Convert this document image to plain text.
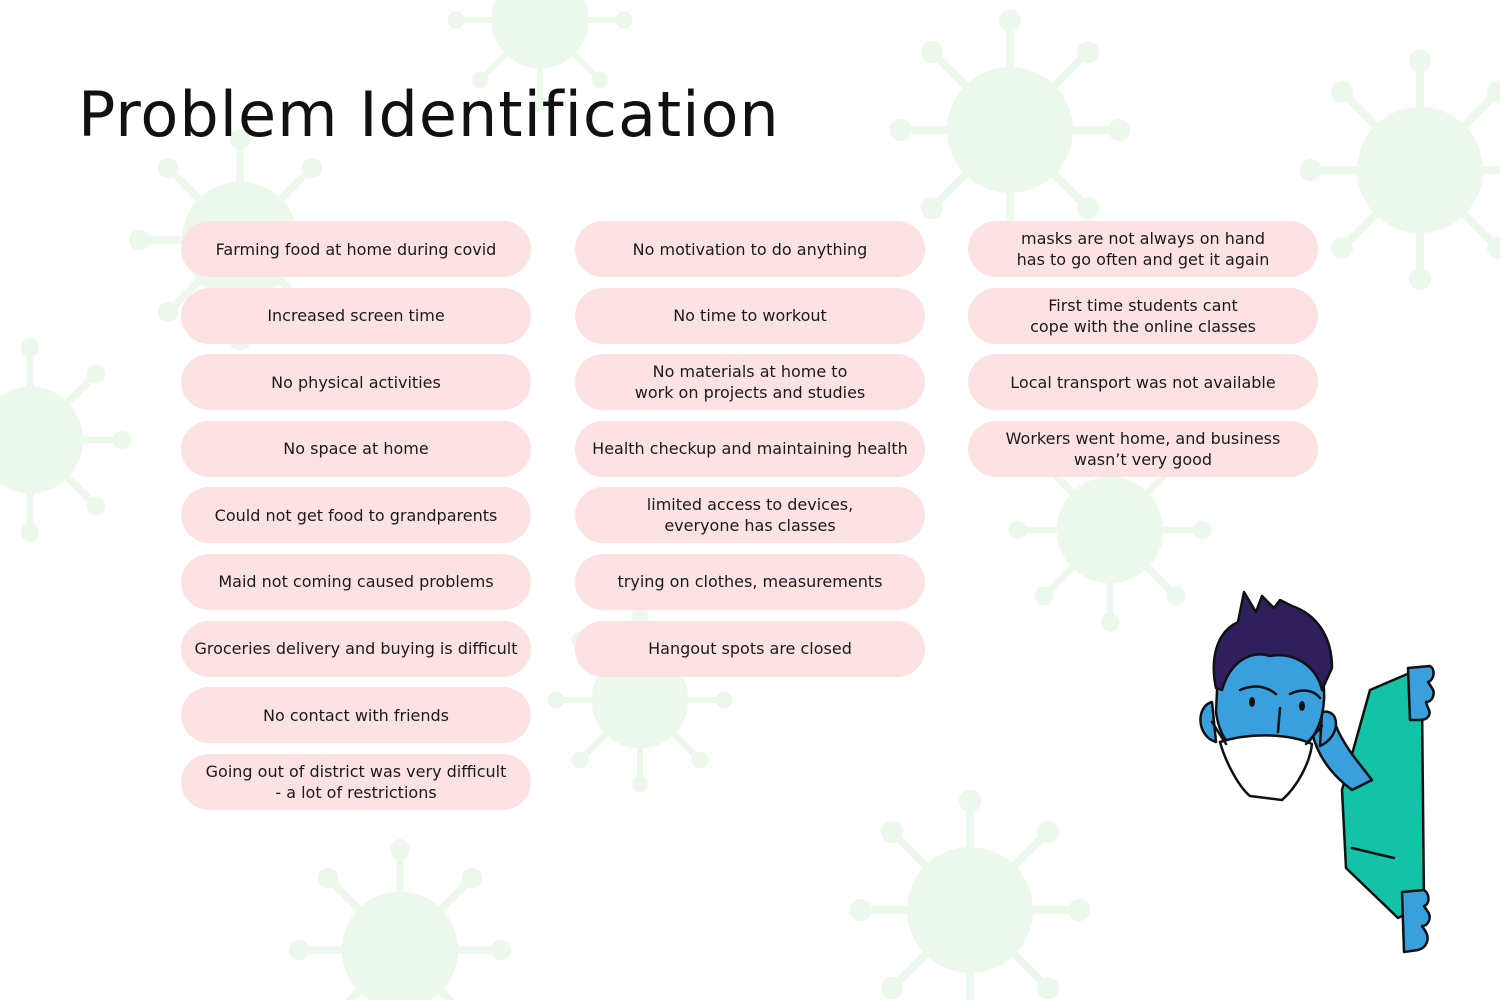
Problem Identification
Farming food at home during covid
Increased screen time
No physical activities
No space at home
Could not get food to grandparents
Maid not coming caused problems
Groceries delivery and buying is difficult
No contact with friends
Going out of district was very difficult
- a lot of restrictions
No motivation to do anything
No time to workout
No materials at home to
work on projects and studies
Health checkup and maintaining health
limited access to devices,
everyone has classes
trying on clothes, measurements
Hangout spots are closed
masks are not always on hand
has to go often and get it again
First time students cant
cope with the online classes
Local transport was not available
Workers went home, and business
wasn’t very good
